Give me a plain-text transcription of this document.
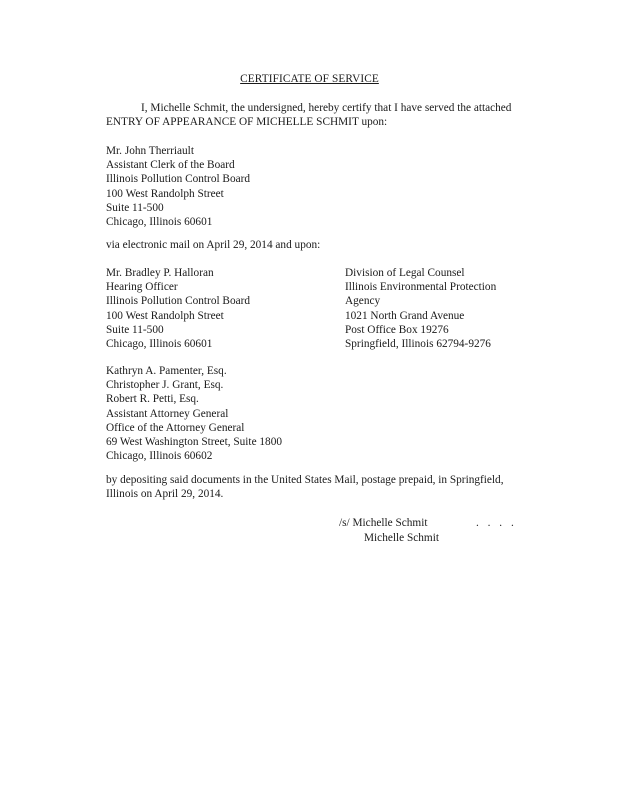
CERTIFICATE OF SERVICE

I, Michelle Schmit, the undersigned, hereby certify that I have served the attached
ENTRY OF APPEARANCE OF MICHELLE SCHMIT upon:

Mr. John Therriault
Assistant Clerk of the Board
Illinois Pollution Control Board
100 West Randolph Street
Suite 11-500
Chicago, Illinois 60601

via electronic mail on April 29, 2014 and upon:

Mr. Bradley P. Halloran
Hearing Officer
Illinois Pollution Control Board
100 West Randolph Street
Suite 11-500
Chicago, Illinois 60601
Division of Legal Counsel
Illinois Environmental Protection
Agency
1021 North Grand Avenue
Post Office Box 19276
Springfield, Illinois 62794-9276
Kathryn A. Pamenter, Esq.
Christopher J. Grant, Esq.
Robert R. Petti, Esq.
Assistant Attorney General
Office of the Attorney General
69 West Washington Street, Suite 1800
Chicago, Illinois 60602

by depositing said documents in the United States Mail, postage prepaid, in Springfield,

Illinois on April 29, 2014.

/s/ Michelle Schmit	. . . .
Michelle Schmit
